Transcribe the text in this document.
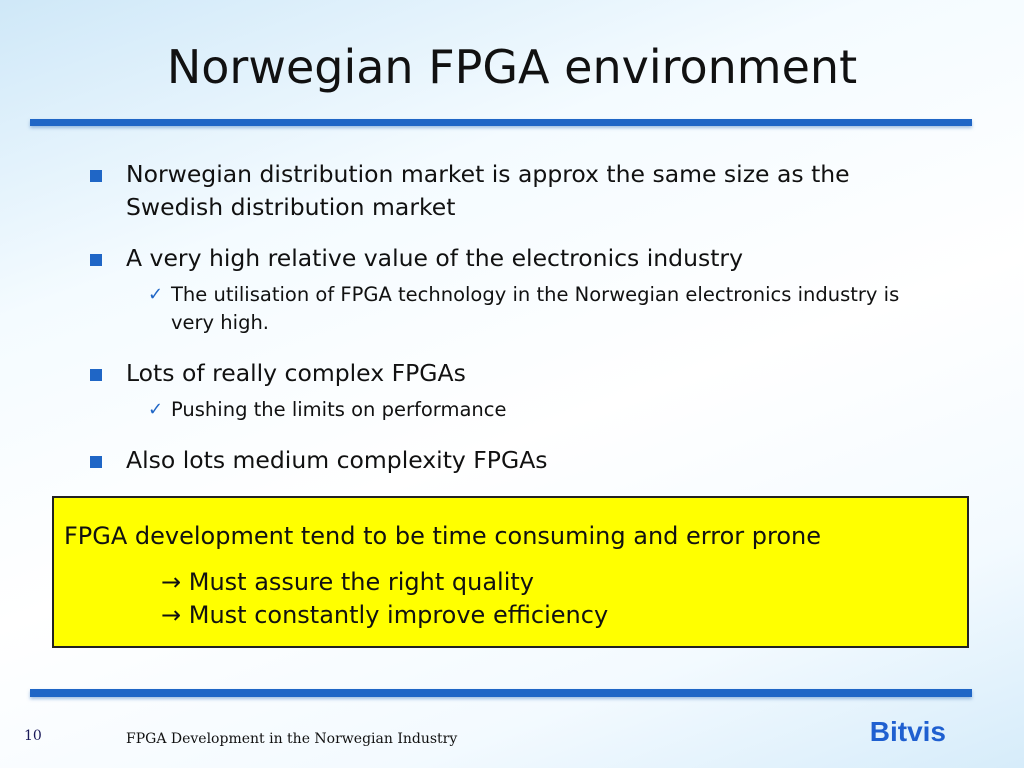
Norwegian FPGA environment
Norwegian distribution market is approx the same size as the Swedish distribution market
A very high relative value of the electronics industry
✓ The utilisation of FPGA technology in the Norwegian electronics industry is very high.
Lots of really complex FPGAs
✓ Pushing the limits on performance
Also lots medium complexity FPGAs
FPGA development tend to be time consuming and error prone
→ Must assure the right quality
→ Must constantly improve efficiency
10	FPGA Development in the Norwegian Industry	Bitvis
